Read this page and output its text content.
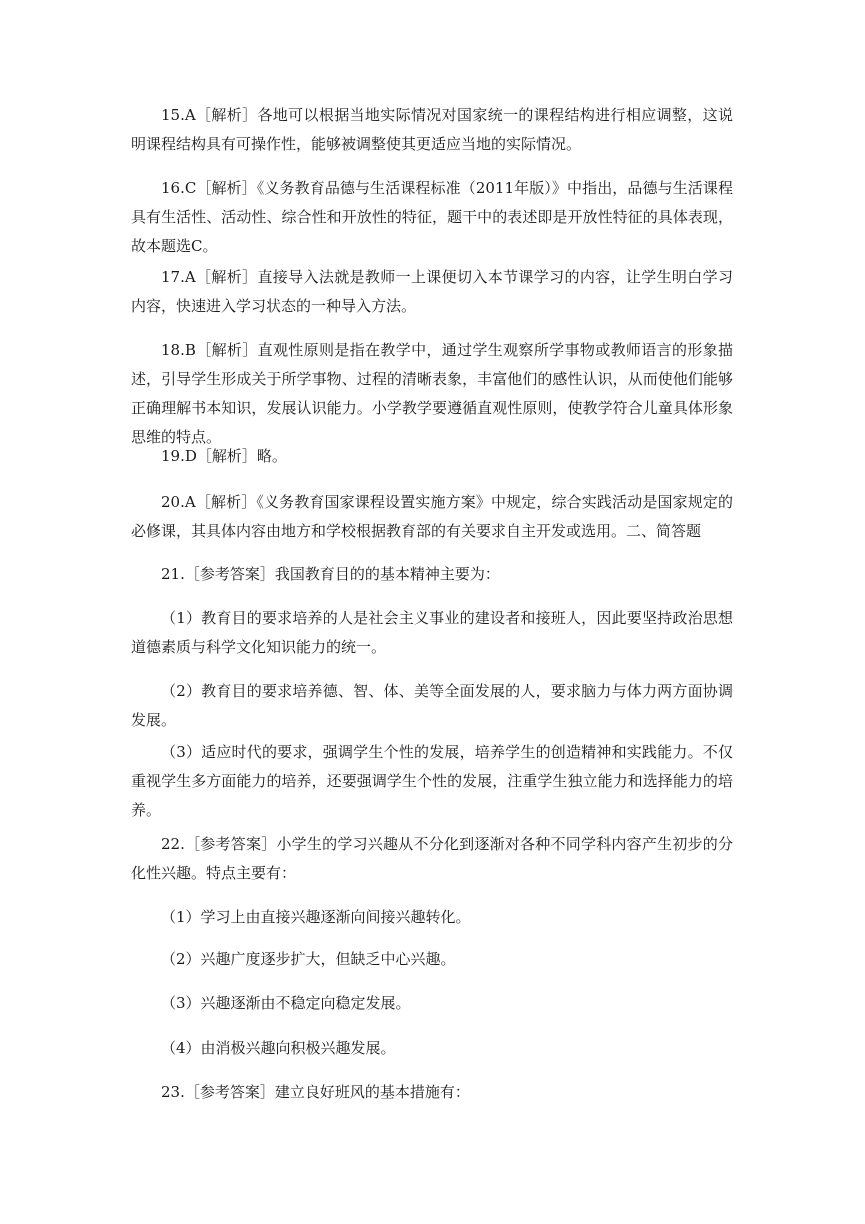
15.A［解析］各地可以根据当地实际情况对国家统一的课程结构进行相应调整，这说明课程结构具有可操作性，能够被调整使其更适应当地的实际情况。

16.C［解析］《义务教育品德与生活课程标准（2011年版）》中指出，品德与生活课程具有生活性、活动性、综合性和开放性的特征，题干中的表述即是开放性特征的具体表现，故本题选C。

17.A［解析］直接导入法就是教师一上课便切入本节课学习的内容，让学生明白学习内容，快速进入学习状态的一种导入方法。

18.B［解析］直观性原则是指在教学中，通过学生观察所学事物或教师语言的形象描述，引导学生形成关于所学事物、过程的清晰表象，丰富他们的感性认识，从而使他们能够正确理解书本知识，发展认识能力。小学教学要遵循直观性原则，使教学符合儿童具体形象思维的特点。

19.D［解析］略。

20.A［解析］《义务教育国家课程设置实施方案》中规定，综合实践活动是国家规定的必修课，其具体内容由地方和学校根据教育部的有关要求自主开发或选用。二、简答题

21.［参考答案］我国教育目的的基本精神主要为：

（1）教育目的要求培养的人是社会主义事业的建设者和接班人，因此要坚持政治思想道德素质与科学文化知识能力的统一。

（2）教育目的要求培养德、智、体、美等全面发展的人，要求脑力与体力两方面协调发展。

（3）适应时代的要求，强调学生个性的发展，培养学生的创造精神和实践能力。不仅重视学生多方面能力的培养，还要强调学生个性的发展，注重学生独立能力和选择能力的培养。

22.［参考答案］小学生的学习兴趣从不分化到逐渐对各种不同学科内容产生初步的分化性兴趣。特点主要有：

（1）学习上由直接兴趣逐渐向间接兴趣转化。

（2）兴趣广度逐步扩大，但缺乏中心兴趣。

（3）兴趣逐渐由不稳定向稳定发展。

（4）由消极兴趣向积极兴趣发展。

23.［参考答案］建立良好班风的基本措施有：
